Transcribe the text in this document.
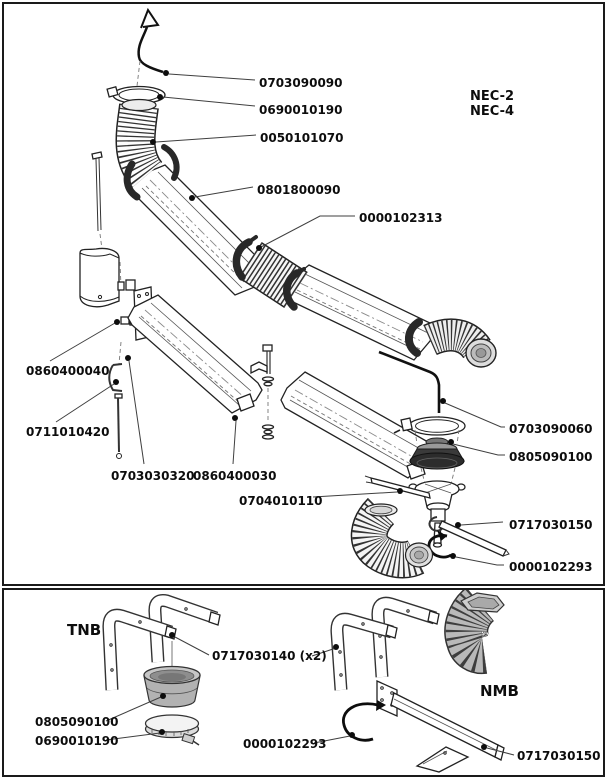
0703090090
0690010190
0050101070
0801800090
0000102313
0860400040
0711010420
0703030320
0860400030
0704010110
0703090060
0805090100
0717030150
0000102293
NEC-2
NEC-4
TNB
NMB
0717030140 (x2)
0805090100
0690010190	0000102293
0717030150
